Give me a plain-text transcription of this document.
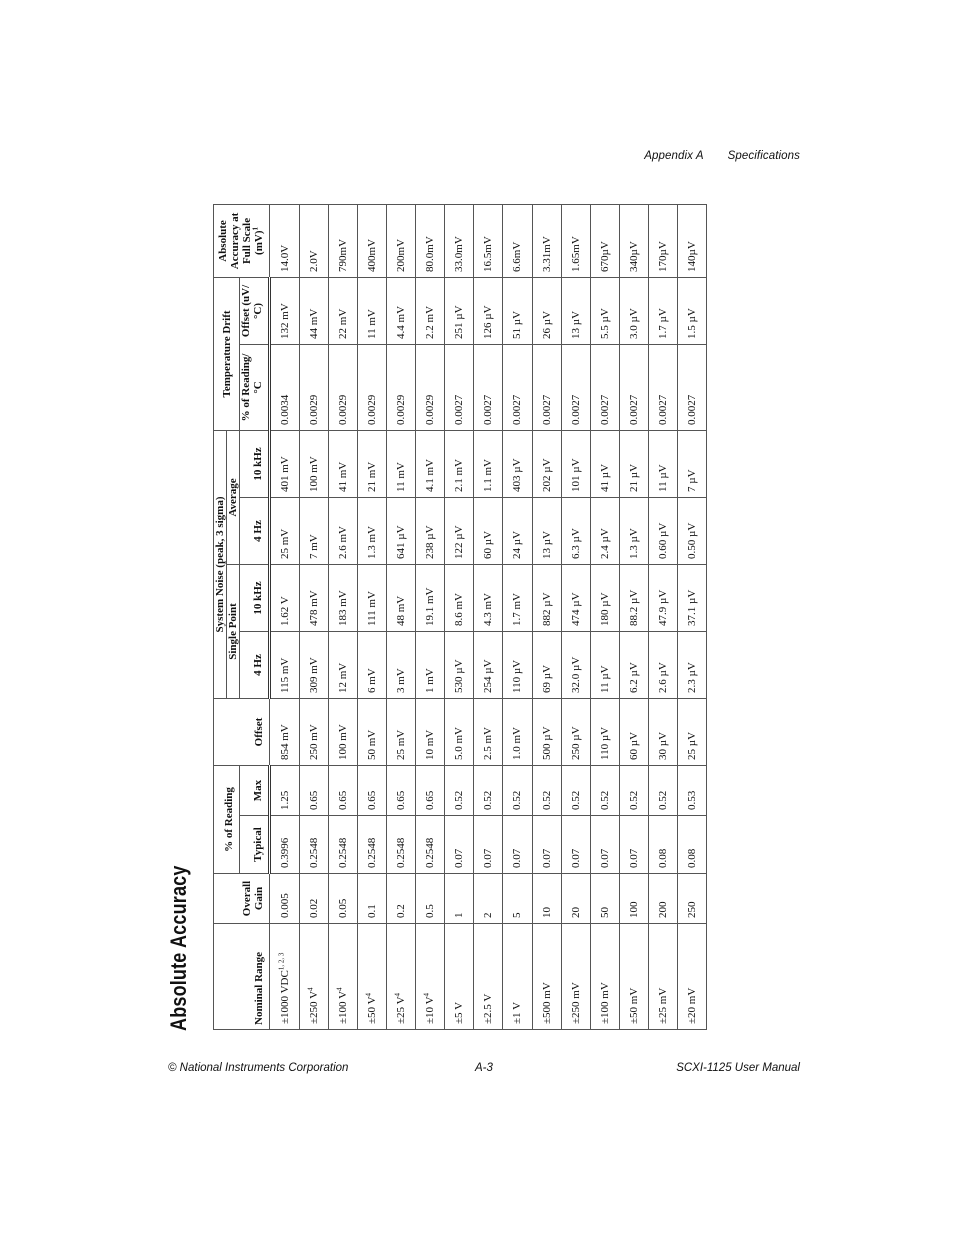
Appendix A Specifications
Absolute Accuracy	Nominal Range	Overall Gain	% of Reading		Offset	System Noise (peak, 3 sigma)				Temperature Drift		Absolute Accuracy at Full Scale (mV)$^1$
					Single Point		Average				
		Typical	Max		4 Hz	10 kHz	4 Hz	10 kHz	% of Reading/°C	Offset (uV/°C)	
±1000 VDC$^{1, 2, 3}$	0.005	0.3996	1.25	854 mV	115 mV	1.62 V	25 mV	401 mV	0.0034	132 mV	14.0V
±250 $V^4$	0.02	0.2548	0.65	250 mV	309 mV	478 mV	7 mV	100 mV	0.0029	44 mV	2.0V
±100 $V^4$	0.05	0.2548	0.65	100 mV	12 mV	183 mV	2.6 mV	41 mV	0.0029	22 mV	790mV
±50 $V^4$	0.1	0.2548	0.65	50 mV	6 mV	111 mV	1.3 mV	21 mV	0.0029	11 mV	400mV
±25 $V^4$	0.2	0.2548	0.65	25 mV	3 mV	48 mV	641 µV	11 mV	0.0029	4.4 mV	200mV
±10 $V^4$	0.5	0.2548	0.65	10 mV	1 mV	19.1 mV	238 µV	4.1 mV	0.0029	2.2 mV	80.0mV
±5 V	1	0.07	0.52	5.0 mV	530 µV	8.6 mV	122 µV	2.1 mV	0.0027	251 µV	33.0mV
±2.5 V	2	0.07	0.52	2.5 mV	254 µV	4.3 mV	60 µV	1.1 mV	0.0027	126 µV	16.5mV
±1 V	5	0.07	0.52	1.0 mV	110 µV	1.7 mV	24 µV	403 µV	0.0027	51 µV	6.6mV
±500 mV	10	0.07	0.52	500 µV	69 µV	882 µV	13 µV	202 µV	0.0027	26 µV	3.31mV
±250 mV	20	0.07	0.52	250 µV	32.0 µV	474 µV	6.3 µV	101 µV	0.0027	13 µV	1.65mV
±100 mV	50	0.07	0.52	110 µV	11 µV	180 µV	2.4 µV	41 µV	0.0027	5.5 µV	670µV
±50 mV	100	0.07	0.52	60 µV	6.2 µV	88.2 µV	1.3 µV	21 µV	0.0027	3.0 µV	340µV
±25 mV	200	0.08	0.52	30 µV	2.6 µV	47.9 µV	0.60 µV	11 µV	0.0027	1.7 µV	170µV
±20 mV	250	0.08	0.53	25 µV	2.3 µV	37.1 µV	0.50 µV	7 µV	0.0027	1.5 µV	140µV
© National Instruments Corporation	A-3	SCXI-1125 User Manual
